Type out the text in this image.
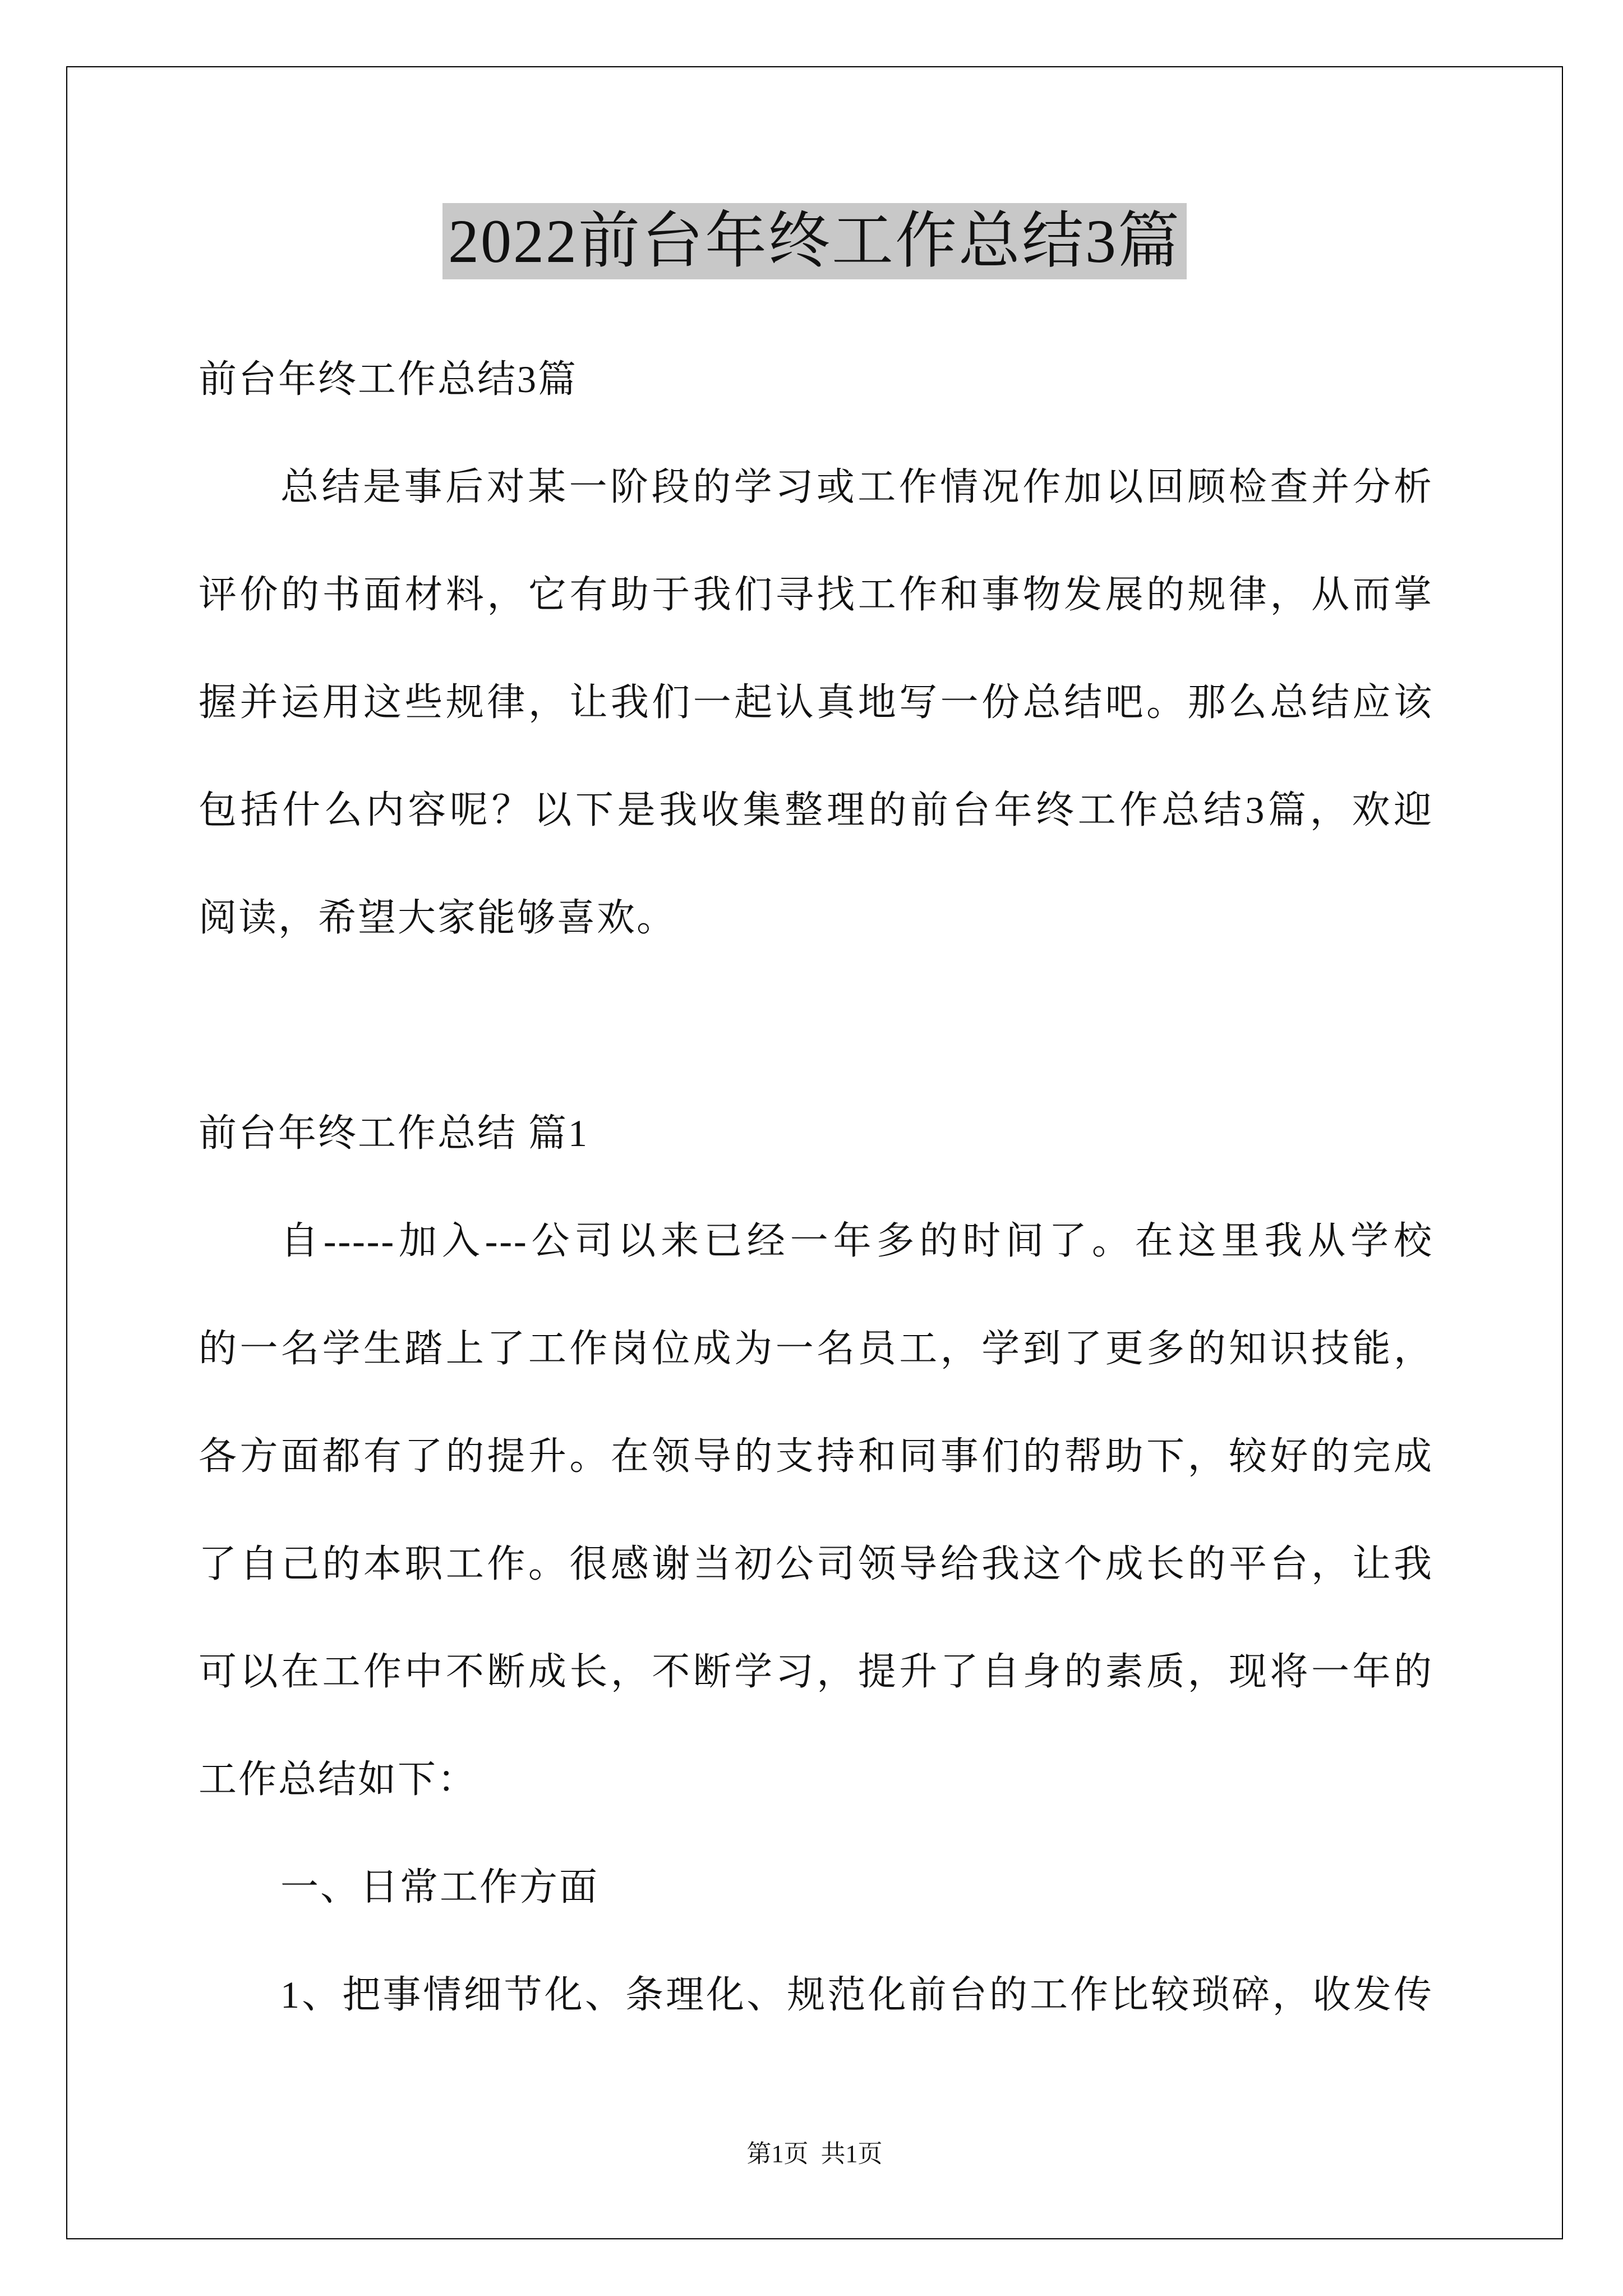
2022前台年终工作总结3篇
前台年终工作总结3篇
总结是事后对某一阶段的学习或工作情况作加以回顾检查并分析
评价的书面材料，它有助于我们寻找工作和事物发展的规律，从而掌
握并运用这些规律，让我们一起认真地写一份总结吧。那么总结应该
包括什么内容呢？以下是我收集整理的前台年终工作总结3篇，欢迎
阅读，希望大家能够喜欢。
前台年终工作总结 篇1
自-----加入---公司以来已经一年多的时间了。在这里我从学校
的一名学生踏上了工作岗位成为一名员工，学到了更多的知识技能，
各方面都有了的提升。在领导的支持和同事们的帮助下，较好的完成
了自己的本职工作。很感谢当初公司领导给我这个成长的平台，让我
可以在工作中不断成长，不断学习，提升了自身的素质，现将一年的
工作总结如下：
一、日常工作方面
1、把事情细节化、条理化、规范化前台的工作比较琐碎，收发传
第1页  共1页
